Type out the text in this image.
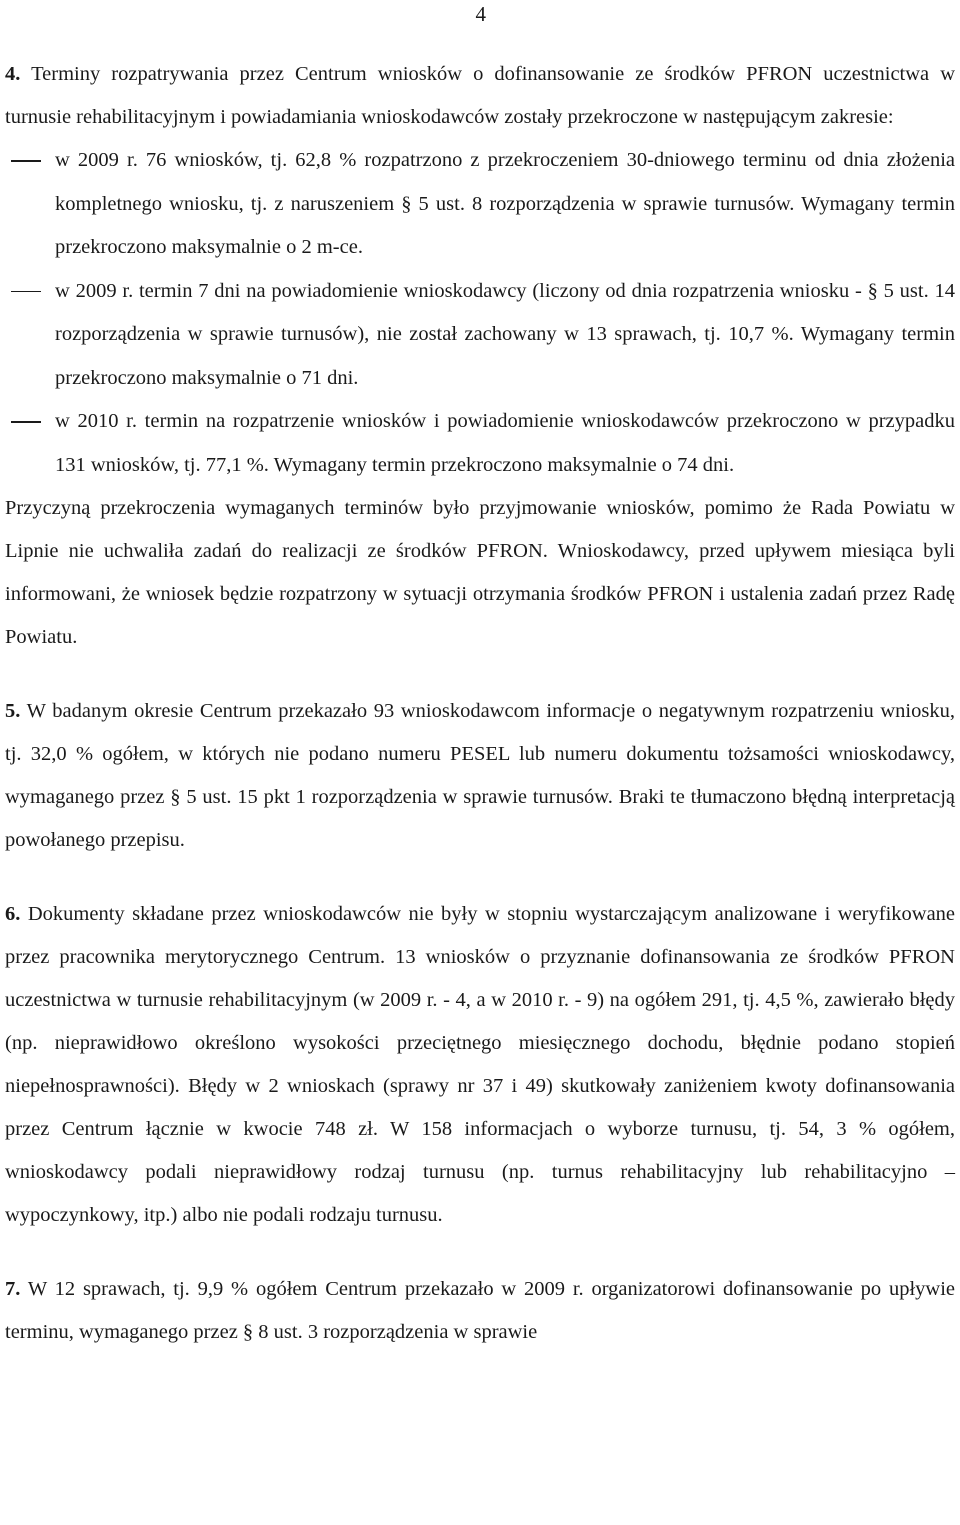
4

4. Terminy rozpatrywania przez Centrum wniosków o dofinansowanie ze środków PFRON uczestnictwa w turnusie rehabilitacyjnym i powiadamiania wnioskodawców zostały przekroczone w następującym zakresie:

w 2009 r. 76 wniosków, tj. 62,8 % rozpatrzono z przekroczeniem 30-dniowego terminu od dnia złożenia kompletnego wniosku, tj. z naruszeniem § 5 ust. 8 rozporządzenia w sprawie turnusów. Wymagany termin przekroczono maksymalnie o 2 m-ce.
w 2009 r. termin 7 dni na powiadomienie wnioskodawcy (liczony od dnia rozpatrzenia wniosku - § 5 ust. 14 rozporządzenia w sprawie turnusów), nie został zachowany w 13 sprawach, tj. 10,7 %. Wymagany termin przekroczono maksymalnie o 71 dni.
w 2010 r. termin na rozpatrzenie wniosków i powiadomienie wnioskodawców przekroczono w przypadku 131 wniosków, tj. 77,1 %. Wymagany termin przekroczono maksymalnie o 74 dni.

Przyczyną przekroczenia wymaganych terminów było przyjmowanie wniosków, pomimo że Rada Powiatu w Lipnie nie uchwaliła zadań do realizacji ze środków PFRON. Wnioskodawcy, przed upływem miesiąca byli informowani, że wniosek będzie rozpatrzony w sytuacji otrzymania środków PFRON i ustalenia zadań przez Radę Powiatu.

5. W badanym okresie Centrum przekazało 93 wnioskodawcom informacje o negatywnym rozpatrzeniu wniosku, tj. 32,0 % ogółem, w których nie podano numeru PESEL lub numeru dokumentu tożsamości wnioskodawcy, wymaganego przez § 5 ust. 15 pkt 1 rozporządzenia w sprawie turnusów. Braki te tłumaczono błędną interpretacją powołanego przepisu.

6. Dokumenty składane przez wnioskodawców nie były w stopniu wystarczającym analizowane i weryfikowane przez pracownika merytorycznego Centrum. 13 wniosków o przyznanie dofinansowania ze środków PFRON uczestnictwa w turnusie rehabilitacyjnym (w 2009 r. - 4, a w 2010 r. - 9) na ogółem 291, tj. 4,5 %, zawierało błędy (np. nieprawidłowo określono wysokości przeciętnego miesięcznego dochodu, błędnie podano stopień niepełnosprawności). Błędy w 2 wnioskach (sprawy nr 37 i 49) skutkowały zaniżeniem kwoty dofinansowania przez Centrum łącznie w kwocie 748 zł. W 158 informacjach o wyborze turnusu, tj. 54, 3 % ogółem, wnioskodawcy podali nieprawidłowy rodzaj turnusu (np. turnus rehabilitacyjny lub rehabilitacyjno – wypoczynkowy, itp.) albo nie podali rodzaju turnusu.

7. W 12 sprawach, tj. 9,9 % ogółem Centrum przekazało w 2009 r. organizatorowi dofinansowanie po upływie terminu, wymaganego przez § 8 ust. 3 rozporządzenia w sprawie
